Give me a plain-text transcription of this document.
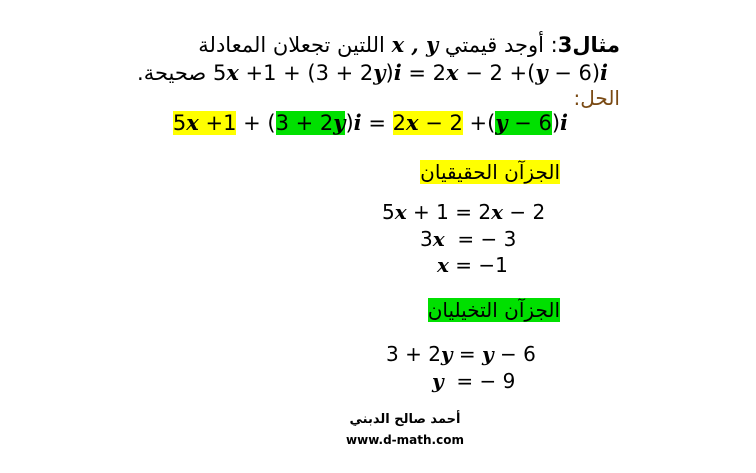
مثال3: أوجد قيمتي x , y اللتين تجعلان المعادلة
5x +1 + (3 + 2y)i = 2x − 2 +(y − 6)i صحيحة.
الحل:
5x +1 + (3 + 2y)i = 2x − 2 +(y − 6)i
الجزآن الحقيقيان
5x + 1 = 2x − 2
3x  = − 3
x = −1
الجزآن التخيليان
3 + 2y = y − 6
y  = − 9
أحمد صالح الدبني
www.d-math.com
